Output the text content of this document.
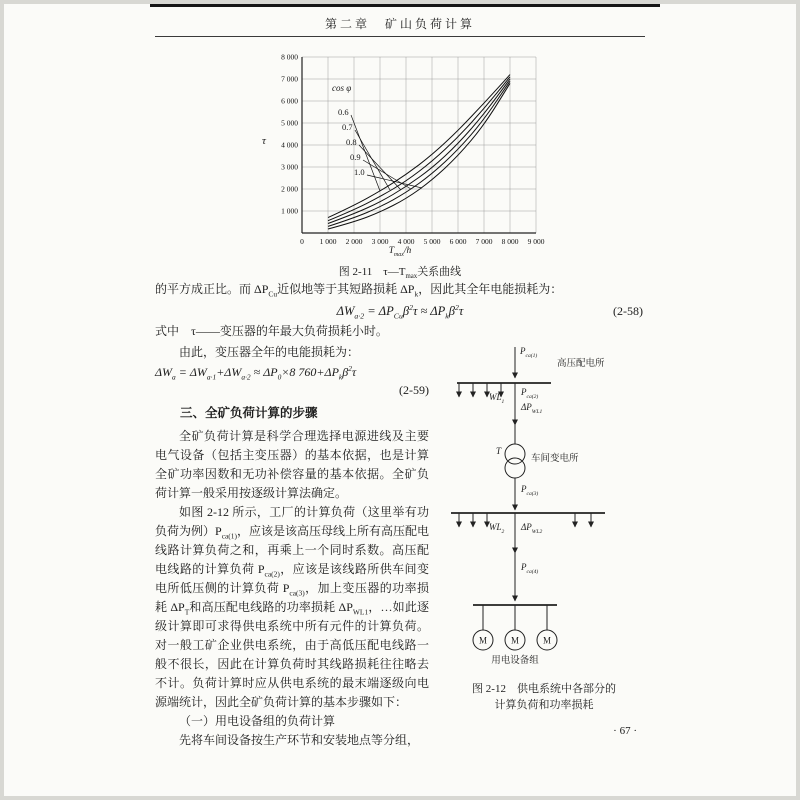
第二章　矿山负荷计算
1 000
2 000
3 000
4 000
5 000
6 000
7 000
8 000
0 1 000 2 000 3 000 4 000 5 000 6 000 7 000 8 000 9 000
τ
cos φ
0.6
0.7
0.8
0.9
1.0
$T_{max}/h$
图 2-11　$\tau—T_{max}$关系曲线

的平方成正比。而 $\Delta P_{Cu}$近似地等于其短路损耗 $\Delta P_k$，因此其全年电能损耗为：

$\Delta W_{a\cdot 2} = \Delta P_{Cu}\beta^2\tau \approx \Delta P_k\beta^2\tau$	(2-58)

式中　τ——变压器的年最大负荷损耗小时。

由此，变压器全年的电能损耗为：

$\Delta W_a = \Delta W_{a\cdot 1}+\Delta W_{a\cdot 2} \approx \Delta P_0\times 8$ $760+\Delta P_k\beta^2\tau$
(2-59)
三、全矿负荷计算的步骤

全矿负荷计算是科学合理选择电源进线及主要电气设备（包括主变压器）的基本依据，也是计算全矿功率因数和无功补偿容量的基本依据。全矿负荷计算一般采用按逐级计算法确定。

如图 2-12 所示，工厂的计算负荷（这里举有功负荷为例）$P_{ca(1)}$，应该是该高压母线上所有高压配电线路计算负荷之和，再乘上一个同时系数。高压配电线路的计算负荷 $P_{ca(2)}$，应该是该线路所供车间变电所低压侧的计算负荷 $P_{ca(3)}$，加上变压器的功率损耗 $\Delta P_T$和高压配电线路的功率损耗 $\Delta P_{WL1}$，…如此逐级计算即可求得供电系统中所有元件的计算负荷。对一般工矿企业供电系统，由于高低压配电线路一般不很长，因此在计算负荷时其线路损耗往往略去不计。负荷计算时应从供电系统的最末端逐级向电源端统计，因此全矿负荷计算的基本步骤如下：

（一）用电设备组的负荷计算

先将车间设备按生产环节和安装地点等分组，

M	M	M
$P_{ca(1)}$
高压配电所
$WL_1$
$P_{ca(2)}$
$\Delta P_{WL1}$
T
车间变电所
$P_{ca(3)}$
$WL_2$ $\Delta P_{WL2}$
$P_{ca(4)}$
用电设备组
图 2-12　供电系统中各部分的
计算负荷和功率损耗
· 67 ·
